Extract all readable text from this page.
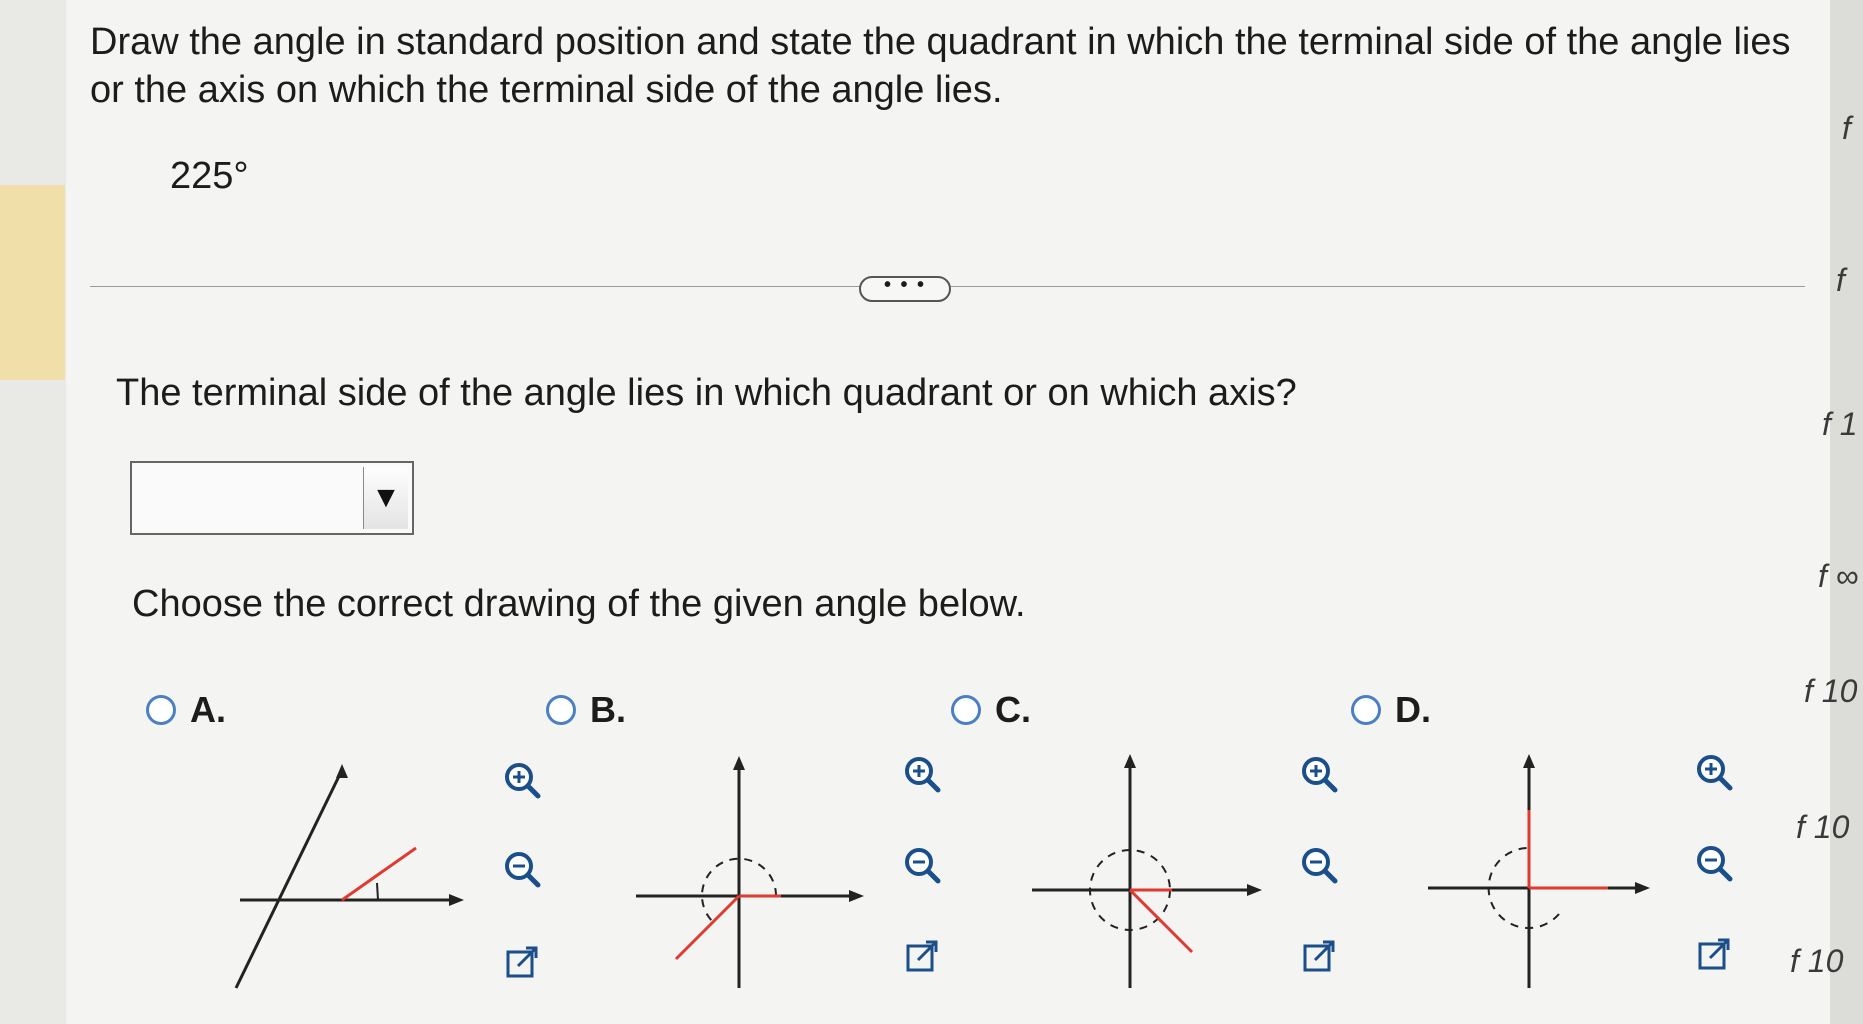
Draw the angle in standard position and state the quadrant in which the terminal side of the angle lies or the axis on which the terminal side of the angle lies.
225°
• • •
The terminal side of the angle lies in which quadrant or on which axis?
▼
Choose the correct drawing of the given angle below.
A.	B.	C.	D.
f
f
f 1
f ∞
f 10
f 10
f 10
